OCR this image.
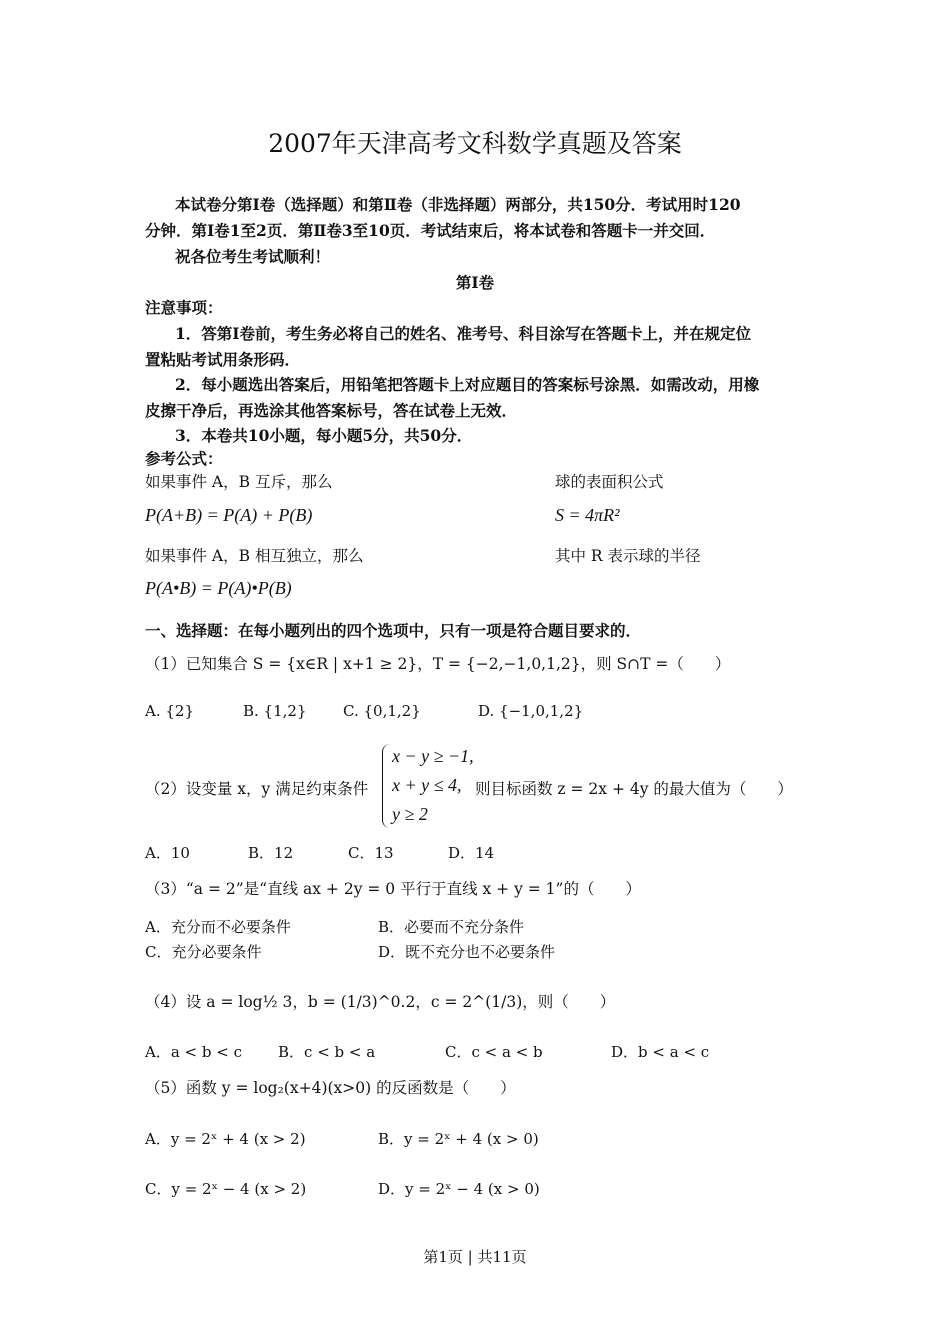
2007年天津高考文科数学真题及答案
本试卷分第Ⅰ卷（选择题）和第Ⅱ卷（非选择题）两部分，共150分．考试用时120
分钟．第Ⅰ卷1至2页．第Ⅱ卷3至10页．考试结束后，将本试卷和答题卡一并交回．
祝各位考生考试顺利！
第Ⅰ卷
注意事项：
1．答第Ⅰ卷前，考生务必将自己的姓名、准考号、科目涂写在答题卡上，并在规定位
置粘贴考试用条形码．
2．每小题选出答案后，用铅笔把答题卡上对应题目的答案标号涂黑．如需改动，用橡
皮擦干净后，再选涂其他答案标号，答在试卷上无效．
3．本卷共10小题，每小题5分，共50分．
参考公式：
如果事件 A，B 互斥，那么
P(A+B) = P(A) + P(B)
如果事件 A，B 相互独立，那么
P(A•B) = P(A)•P(B)
球的表面积公式
S = 4πR²
其中 R 表示球的半径
一、选择题：在每小题列出的四个选项中，只有一项是符合题目要求的．
（1）已知集合 S = {x∈R | x+1 ≥ 2}，T = {−2,−1,0,1,2}，则 S∩T =（　　）
A. {2}	B. {1,2} C. {0,1,2}	D. {−1,0,1,2}
（2）设变量 x，y 满足约束条件
x − y ≥ −1,
x + y ≤ 4,
y ≥ 2
则目标函数 z = 2x + 4y 的最大值为（　　）
A．10	B．12	C．13	D．14
（3）“a = 2”是“直线 ax + 2y = 0 平行于直线 x + y = 1”的（　　）
A．充分而不必要条件	B．必要而不充分条件
C．充分必要条件	D．既不充分也不必要条件
（4）设 a = log½ 3，b = (1/3)^0.2，c = 2^(1/3)，则（　　）
A．a < b < c B．c < b < a	C．c < a < b	D．b < a < c
（5）函数 y = log₂(x+4)(x>0) 的反函数是（　　）
A．y = 2ˣ + 4 (x > 2)	B．y = 2ˣ + 4 (x > 0)
C．y = 2ˣ − 4 (x > 2)	D．y = 2ˣ − 4 (x > 0)
第1页 | 共11页
